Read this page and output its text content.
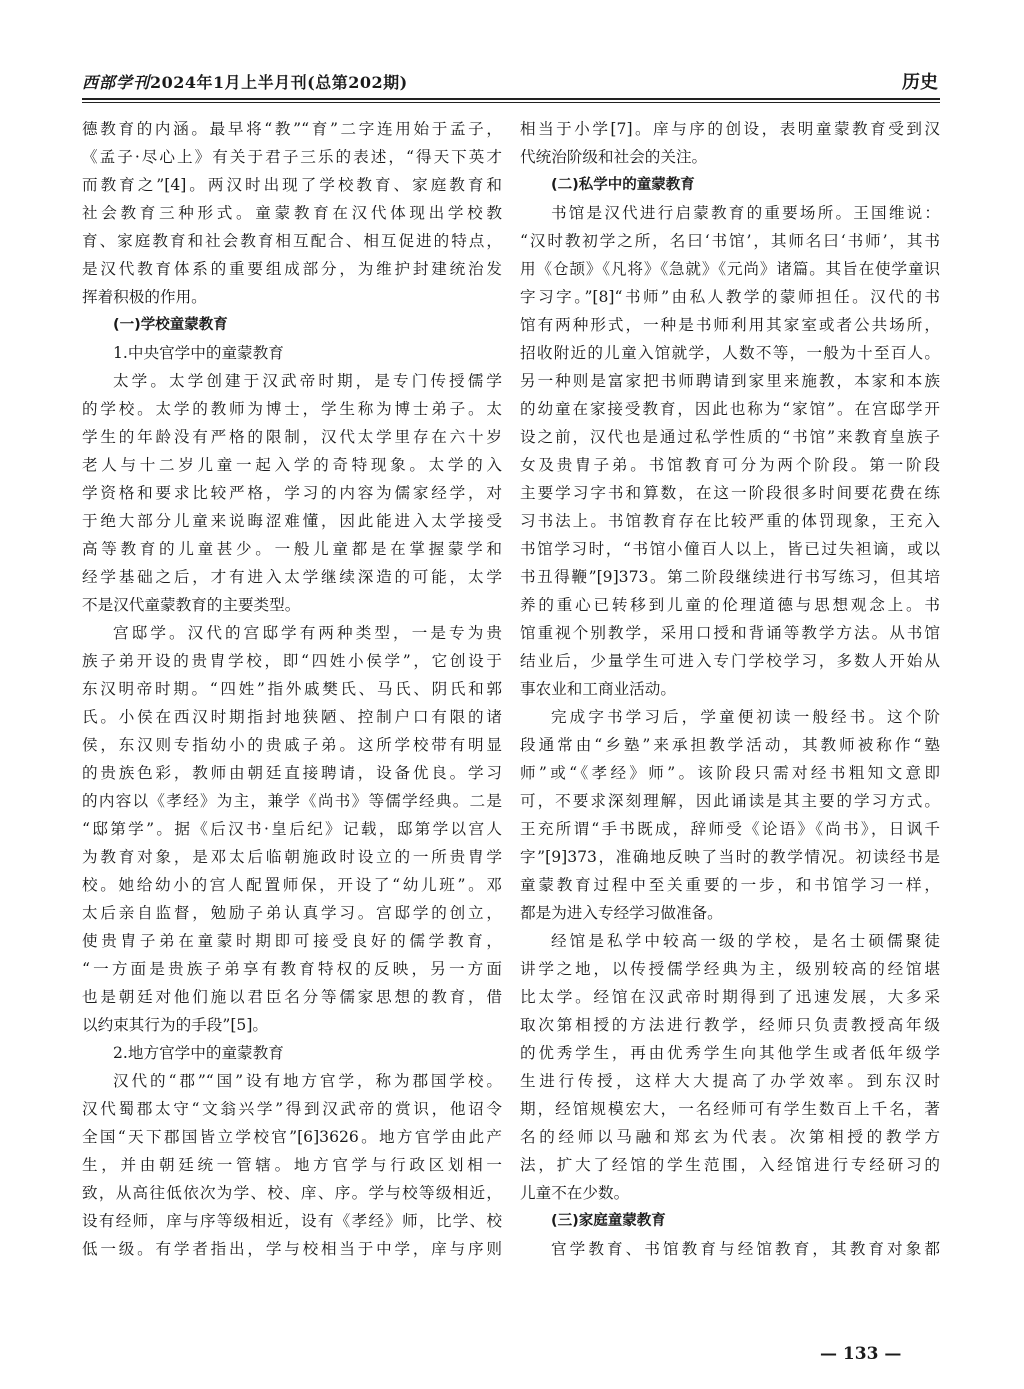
西部学刊2024年1月上半月刊(总第202期)	历史
德教育的内涵。最早将“教”“育”二字连用始于孟子，
《孟子·尽心上》有关于君子三乐的表述，“得天下英才
而教育之”[4]。两汉时出现了学校教育、家庭教育和
社会教育三种形式。童蒙教育在汉代体现出学校教
育、家庭教育和社会教育相互配合、相互促进的特点，
是汉代教育体系的重要组成部分，为维护封建统治发
挥着积极的作用。
(一)学校童蒙教育
1.中央官学中的童蒙教育
太学。太学创建于汉武帝时期，是专门传授儒学
的学校。太学的教师为博士，学生称为博士弟子。太
学生的年龄没有严格的限制，汉代太学里存在六十岁
老人与十二岁儿童一起入学的奇特现象。太学的入
学资格和要求比较严格，学习的内容为儒家经学，对
于绝大部分儿童来说晦涩难懂，因此能进入太学接受
高等教育的儿童甚少。一般儿童都是在掌握蒙学和
经学基础之后，才有进入太学继续深造的可能，太学
不是汉代童蒙教育的主要类型。
宫邸学。汉代的宫邸学有两种类型，一是专为贵
族子弟开设的贵胄学校，即“四姓小侯学”，它创设于
东汉明帝时期。“四姓”指外戚樊氏、马氏、阴氏和郭
氏。小侯在西汉时期指封地狭陋、控制户口有限的诸
侯，东汉则专指幼小的贵戚子弟。这所学校带有明显
的贵族色彩，教师由朝廷直接聘请，设备优良。学习
的内容以《孝经》为主，兼学《尚书》等儒学经典。二是
“邸第学”。据《后汉书·皇后纪》记载，邸第学以宫人
为教育对象，是邓太后临朝施政时设立的一所贵胄学
校。她给幼小的宫人配置师保，开设了“幼儿班”。邓
太后亲自监督，勉励子弟认真学习。宫邸学的创立，
使贵胄子弟在童蒙时期即可接受良好的儒学教育，
“一方面是贵族子弟享有教育特权的反映，另一方面
也是朝廷对他们施以君臣名分等儒家思想的教育，借
以约束其行为的手段”[5]。
2.地方官学中的童蒙教育
汉代的“郡”“国”设有地方官学，称为郡国学校。
汉代蜀郡太守“文翁兴学”得到汉武帝的赏识，他诏令
全国“天下郡国皆立学校官”[6]3626。地方官学由此产
生，并由朝廷统一管辖。地方官学与行政区划相一
致，从高往低依次为学、校、庠、序。学与校等级相近，
设有经师，庠与序等级相近，设有《孝经》师，比学、校
低一级。有学者指出，学与校相当于中学，庠与序则
相当于小学[7]。庠与序的创设，表明童蒙教育受到汉
代统治阶级和社会的关注。
(二)私学中的童蒙教育
书馆是汉代进行启蒙教育的重要场所。王国维说：
“汉时教初学之所，名曰‘书馆’，其师名曰‘书师’，其书
用《仓颉》《凡将》《急就》《元尚》诸篇。其旨在使学童识
字习字。”[8]“书师”由私人教学的蒙师担任。汉代的书
馆有两种形式，一种是书师利用其家室或者公共场所，
招收附近的儿童入馆就学，人数不等，一般为十至百人。
另一种则是富家把书师聘请到家里来施教，本家和本族
的幼童在家接受教育，因此也称为“家馆”。在宫邸学开
设之前，汉代也是通过私学性质的“书馆”来教育皇族子
女及贵胄子弟。书馆教育可分为两个阶段。第一阶段
主要学习字书和算数，在这一阶段很多时间要花费在练
习书法上。书馆教育存在比较严重的体罚现象，王充入
书馆学习时，“书馆小僮百人以上，皆已过失袒谪，或以
书丑得鞭”[9]373。第二阶段继续进行书写练习，但其培
养的重心已转移到儿童的伦理道德与思想观念上。书
馆重视个别教学，采用口授和背诵等教学方法。从书馆
结业后，少量学生可进入专门学校学习，多数人开始从
事农业和工商业活动。
完成字书学习后，学童便初读一般经书。这个阶
段通常由“乡塾”来承担教学活动，其教师被称作“塾
师”或“《孝经》师”。该阶段只需对经书粗知文意即
可，不要求深刻理解，因此诵读是其主要的学习方式。
王充所谓“手书既成，辞师受《论语》《尚书》，日讽千
字”[9]373，准确地反映了当时的教学情况。初读经书是
童蒙教育过程中至关重要的一步，和书馆学习一样，
都是为进入专经学习做准备。
经馆是私学中较高一级的学校，是名士硕儒聚徒
讲学之地，以传授儒学经典为主，级别较高的经馆堪
比太学。经馆在汉武帝时期得到了迅速发展，大多采
取次第相授的方法进行教学，经师只负责教授高年级
的优秀学生，再由优秀学生向其他学生或者低年级学
生进行传授，这样大大提高了办学效率。到东汉时
期，经馆规模宏大，一名经师可有学生数百上千名，著
名的经师以马融和郑玄为代表。次第相授的教学方
法，扩大了经馆的学生范围，入经馆进行专经研习的
儿童不在少数。
(三)家庭童蒙教育
官学教育、书馆教育与经馆教育，其教育对象都
— 133 —
